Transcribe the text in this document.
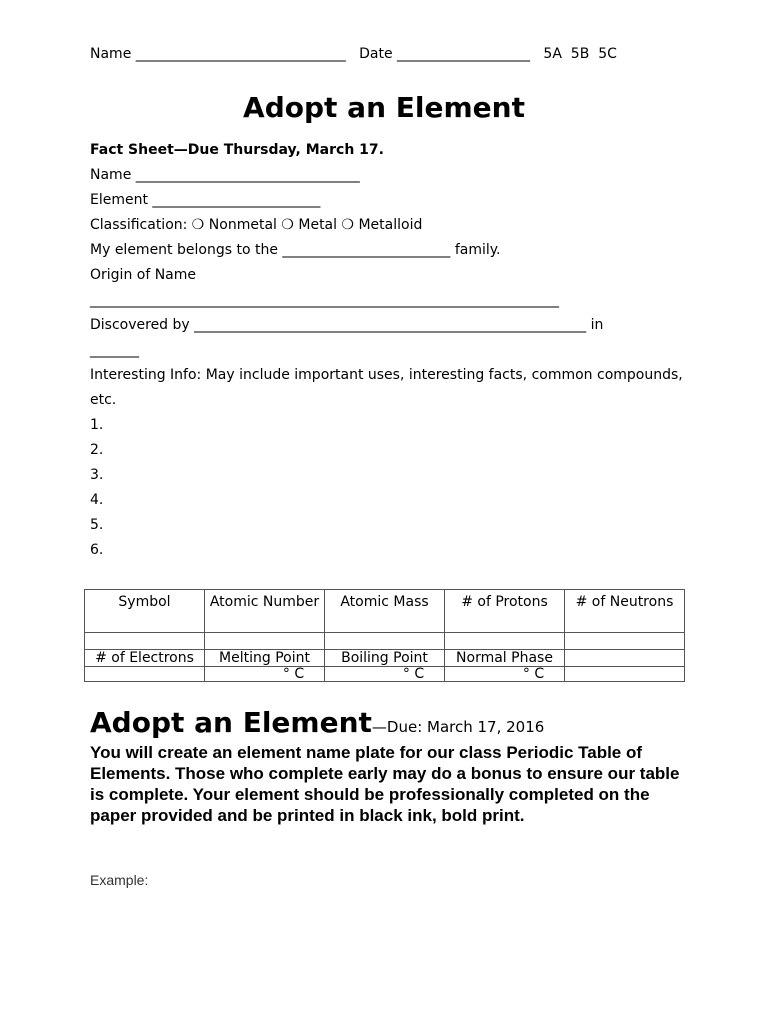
Name ______________________________ Date ___________________ 5A  5B  5C
Adopt an Element
Fact Sheet—Due Thursday, March 17.
Name ________________________________
Element ________________________
Classification: ❍ Nonmetal ❍ Metal ❍ Metalloid
My element belongs to the ________________________ family.
Origin of Name
___________________________________________________________________
Discovered by ________________________________________________________ in
_______
Interesting Info: May include important uses, interesting facts, common compounds,
etc.
1.
2.
3.
4.
5.
6.
Symbol	Atomic Number	Atomic Mass	# of Protons	# of Neutrons

# of Electrons	Melting Point	Boiling Point	Normal Phase	
	° C	° C	° C	
Adopt an Element—Due: March 17, 2016
You will create an element name plate for our class Periodic Table of Elements. Those who complete early may do a bonus to ensure our table is complete. Your element should be professionally completed on the paper provided and be printed in black ink, bold print.
Example:
